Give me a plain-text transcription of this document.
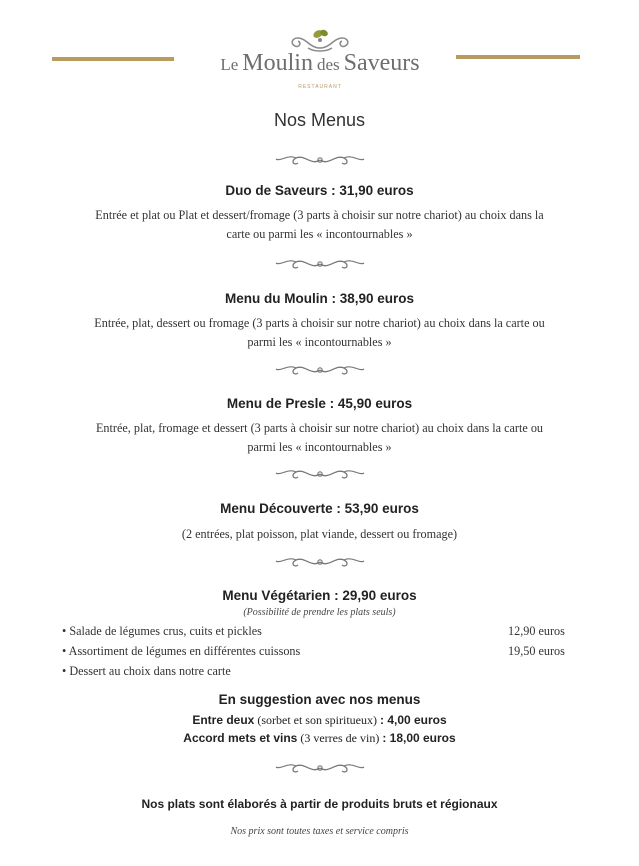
Le Moulin des Saveurs
RESTAURANT
Nos Menus
Duo de Saveurs : 31,90 euros
Entrée et plat ou Plat et dessert/fromage (3 parts à choisir sur notre chariot) au choix dans la
carte ou parmi les « incontournables »
Menu du Moulin : 38,90 euros
Entrée, plat, dessert ou fromage (3 parts à choisir sur notre chariot) au choix dans la carte ou
parmi les « incontournables »
Menu de Presle : 45,90 euros
Entrée, plat, fromage et dessert (3 parts à choisir sur notre chariot) au choix dans la carte ou
parmi les « incontournables »
Menu Découverte : 53,90 euros
(2 entrées, plat poisson, plat viande, dessert ou fromage)
Menu Végétarien : 29,90 euros
(Possibilité de prendre les plats seuls)
• Salade de légumes crus, cuits et pickles	12,90 euros
• Assortiment de légumes en différentes cuissons	19,50 euros
• Dessert au choix dans notre carte
En suggestion avec nos menus
Entre deux (sorbet et son spiritueux) : 4,00 euros
Accord mets et vins (3 verres de vin) : 18,00 euros
Nos plats sont élaborés à partir de produits bruts et régionaux
Nos prix sont toutes taxes et service compris
